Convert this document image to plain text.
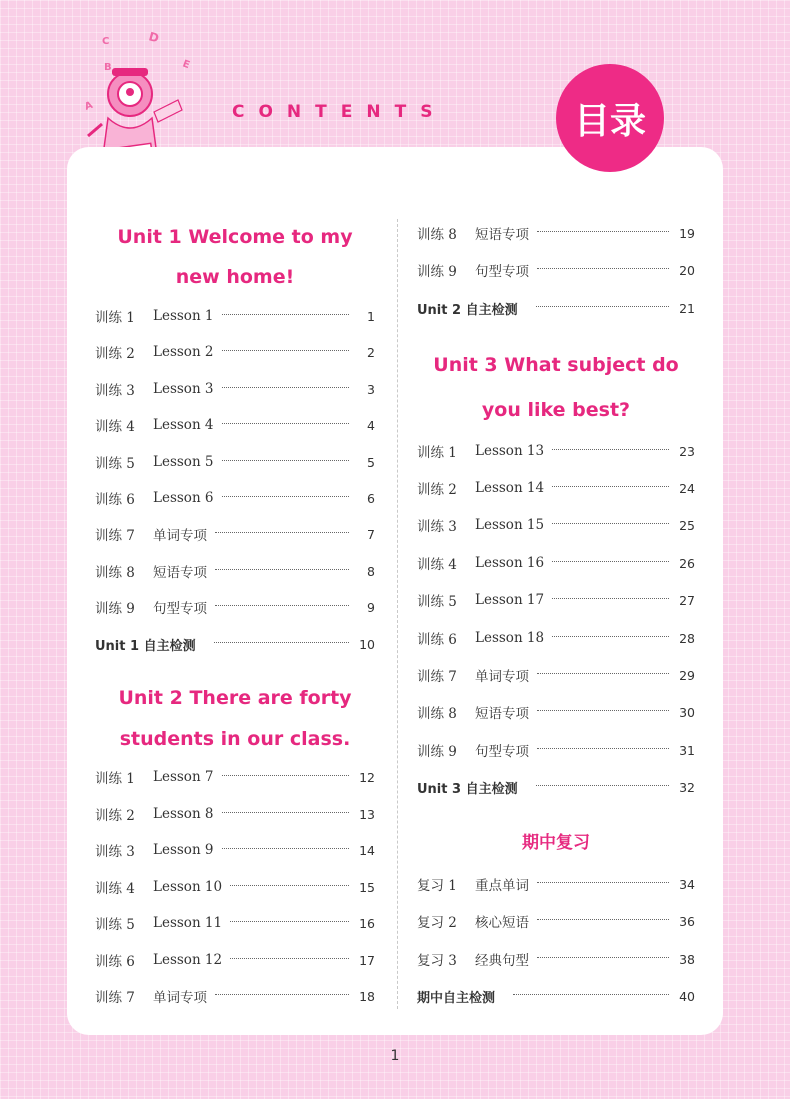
A
B
C	D
E
CONTENTS	目录
Unit 1 Welcome to my
new home!
训练 1	Lesson 1	1
训练 2	Lesson 2	2
训练 3	Lesson 3	3
训练 4	Lesson 4	4
训练 5	Lesson 5	5
训练 6	Lesson 6	6
训练 7	单词专项	7
训练 8	短语专项	8
训练 9	句型专项	9
Unit 1 自主检测	10
Unit 2 There are forty
students in our class.
训练 1	Lesson 7	12
训练 2	Lesson 8	13
训练 3	Lesson 9	14
训练 4	Lesson 10	15
训练 5	Lesson 11	16
训练 6	Lesson 12	17
训练 7	单词专项	18
训练 8	短语专项	19
训练 9	句型专项	20
Unit 2 自主检测	21
Unit 3 What subject do
you like best?
训练 1	Lesson 13	23
训练 2	Lesson 14	24
训练 3	Lesson 15	25
训练 4	Lesson 16	26
训练 5	Lesson 17	27
训练 6	Lesson 18	28
训练 7	单词专项	29
训练 8	短语专项	30
训练 9	句型专项	31
Unit 3 自主检测	32
期中复习
复习 1	重点单词	34
复习 2	核心短语	36
复习 3	经典句型	38
期中自主检测	40
1
